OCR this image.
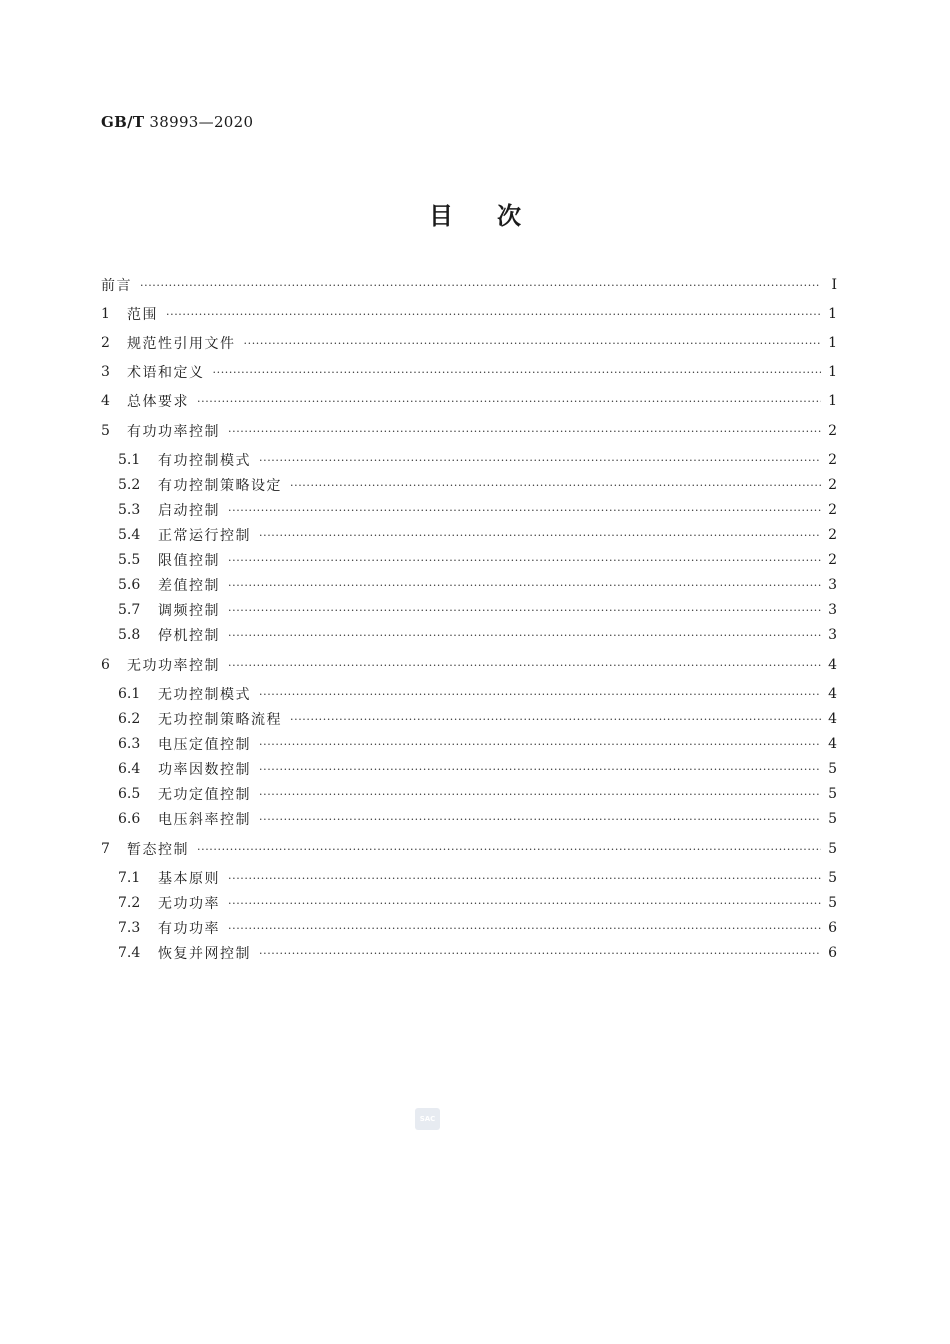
GB/T 38993—2020
目次
前言 ·····	I
1	范围 ·····	1
2	规范性引用文件 ·····	1
3	术语和定义 ·····	1
4	总体要求 ·····	1
5	有功功率控制 ·····	2
5.1	有功控制模式 ·····	2
5.2	有功控制策略设定 ·····	2
5.3	启动控制 ·····	2
5.4	正常运行控制 ·····	2
5.5	限值控制 ·····	2
5.6	差值控制 ·····	3
5.7	调频控制 ·····	3
5.8	停机控制 ·····	3
6	无功功率控制 ·····	4
6.1	无功控制模式 ·····	4
6.2	无功控制策略流程 ·····	4
6.3	电压定值控制 ·····	4
6.4	功率因数控制 ·····	5
6.5	无功定值控制 ·····	5
6.6	电压斜率控制 ·····	5
7	暂态控制 ·····	5
7.1	基本原则 ·····	5
7.2	无功功率 ·····	5
7.3	有功功率 ·····	6
7.4	恢复并网控制 ·····	6
SAC
